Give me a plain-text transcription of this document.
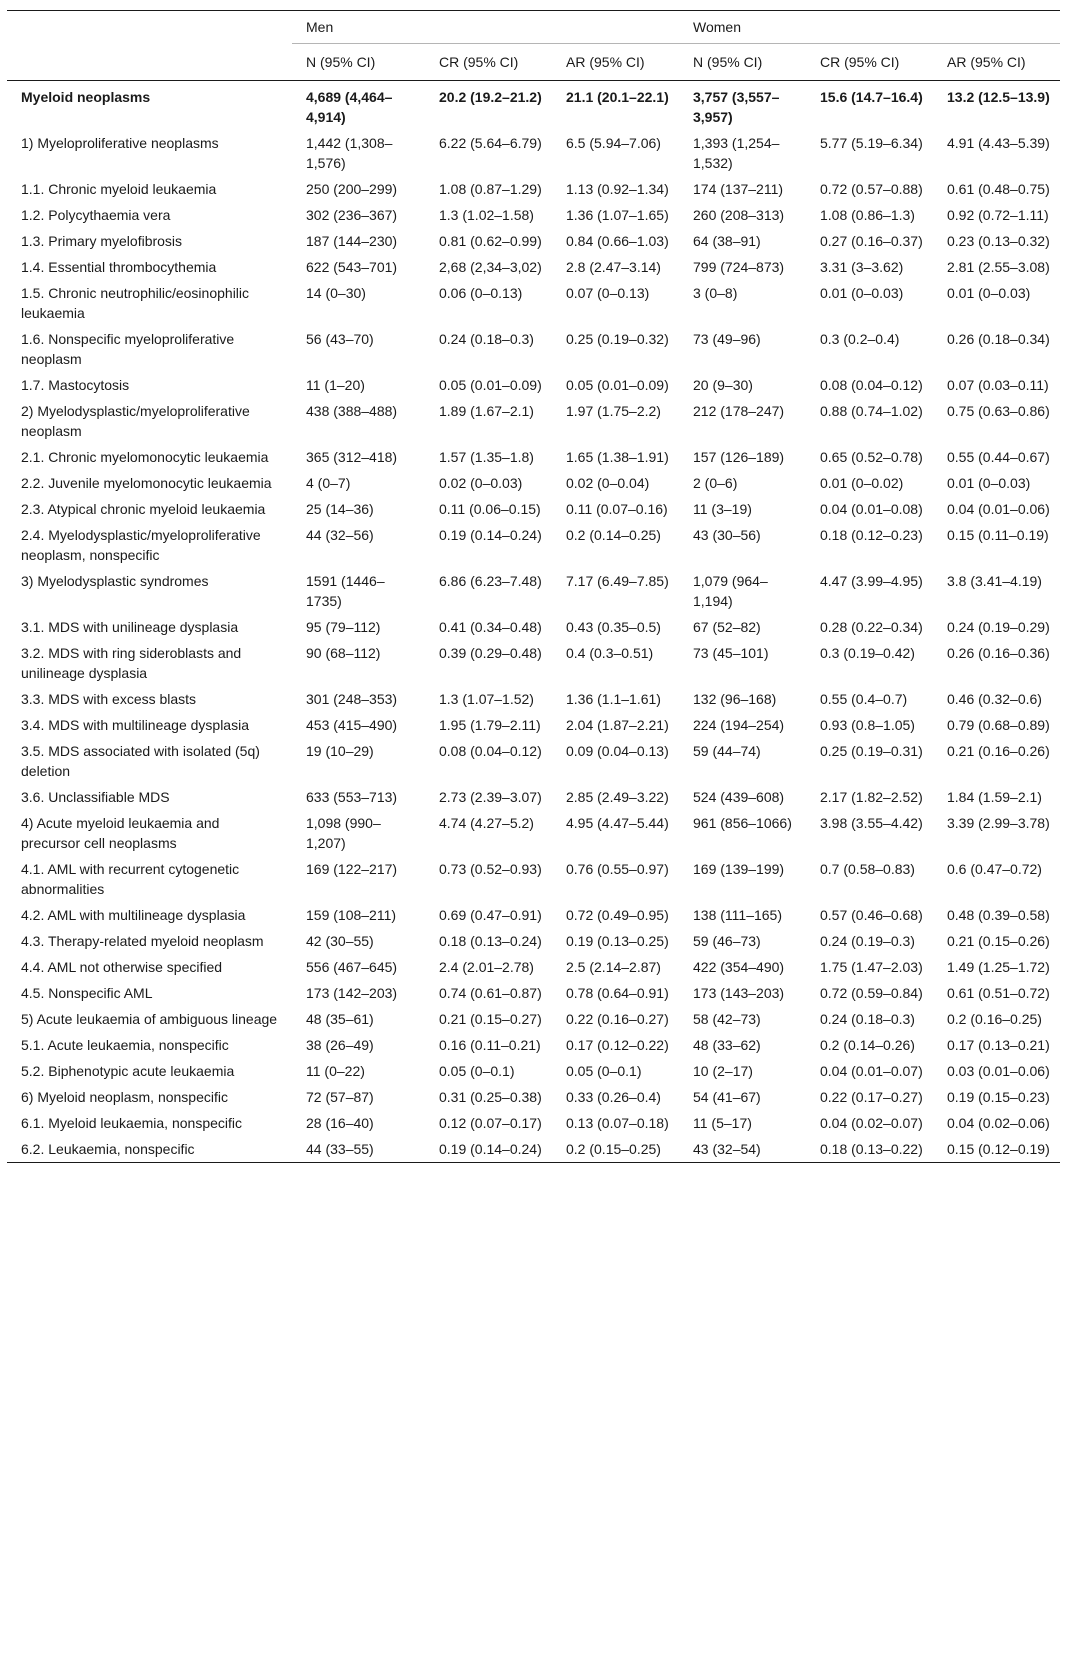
	Men			Women		
	N (95% CI)	CR (95% CI)	AR (95% CI)	N (95% CI)	CR (95% CI)	AR (95% CI)
Myeloid neoplasms	4,689 (4,464–4,914)	20.2 (19.2–21.2)	21.1 (20.1–22.1)	3,757 (3,557–3,957)	15.6 (14.7–16.4)	13.2 (12.5–13.9)
1) Myeloproliferative neoplasms	1,442 (1,308–1,576)	6.22 (5.64–6.79)	6.5 (5.94–7.06)	1,393 (1,254–1,532)	5.77 (5.19–6.34)	4.91 (4.43–5.39)
1.1. Chronic myeloid leukaemia	250 (200–299)	1.08 (0.87–1.29)	1.13 (0.92–1.34)	174 (137–211)	0.72 (0.57–0.88)	0.61 (0.48–0.75)
1.2. Polycythaemia vera	302 (236–367)	1.3 (1.02–1.58)	1.36 (1.07–1.65)	260 (208–313)	1.08 (0.86–1.3)	0.92 (0.72–1.11)
1.3. Primary myelofibrosis	187 (144–230)	0.81 (0.62–0.99)	0.84 (0.66–1.03)	64 (38–91)	0.27 (0.16–0.37)	0.23 (0.13–0.32)
1.4. Essential thrombocythemia	622 (543–701)	2,68 (2,34–3,02)	2.8 (2.47–3.14)	799 (724–873)	3.31 (3–3.62)	2.81 (2.55–3.08)
1.5. Chronic neutrophilic/eosinophilic leukaemia	14 (0–30)	0.06 (0–0.13)	0.07 (0–0.13)	3 (0–8)	0.01 (0–0.03)	0.01 (0–0.03)
1.6. Nonspecific myeloproliferative neoplasm	56 (43–70)	0.24 (0.18–0.3)	0.25 (0.19–0.32)	73 (49–96)	0.3 (0.2–0.4)	0.26 (0.18–0.34)
1.7. Mastocytosis	11 (1–20)	0.05 (0.01–0.09)	0.05 (0.01–0.09)	20 (9–30)	0.08 (0.04–0.12)	0.07 (0.03–0.11)
2) Myelodysplastic/myeloproliferative neoplasm	438 (388–488)	1.89 (1.67–2.1)	1.97 (1.75–2.2)	212 (178–247)	0.88 (0.74–1.02)	0.75 (0.63–0.86)
2.1. Chronic myelomonocytic leukaemia	365 (312–418)	1.57 (1.35–1.8)	1.65 (1.38–1.91)	157 (126–189)	0.65 (0.52–0.78)	0.55 (0.44–0.67)
2.2. Juvenile myelomonocytic leukaemia	4 (0–7)	0.02 (0–0.03)	0.02 (0–0.04)	2 (0–6)	0.01 (0–0.02)	0.01 (0–0.03)
2.3. Atypical chronic myeloid leukaemia	25 (14–36)	0.11 (0.06–0.15)	0.11 (0.07–0.16)	11 (3–19)	0.04 (0.01–0.08)	0.04 (0.01–0.06)
2.4. Myelodysplastic/myeloproliferative neoplasm, nonspecific	44 (32–56)	0.19 (0.14–0.24)	0.2 (0.14–0.25)	43 (30–56)	0.18 (0.12–0.23)	0.15 (0.11–0.19)
3) Myelodysplastic syndromes	1591 (1446–1735)	6.86 (6.23–7.48)	7.17 (6.49–7.85)	1,079 (964–1,194)	4.47 (3.99–4.95)	3.8 (3.41–4.19)
3.1. MDS with unilineage dysplasia	95 (79–112)	0.41 (0.34–0.48)	0.43 (0.35–0.5)	67 (52–82)	0.28 (0.22–0.34)	0.24 (0.19–0.29)
3.2. MDS with ring sideroblasts and unilineage dysplasia	90 (68–112)	0.39 (0.29–0.48)	0.4 (0.3–0.51)	73 (45–101)	0.3 (0.19–0.42)	0.26 (0.16–0.36)
3.3. MDS with excess blasts	301 (248–353)	1.3 (1.07–1.52)	1.36 (1.1–1.61)	132 (96–168)	0.55 (0.4–0.7)	0.46 (0.32–0.6)
3.4. MDS with multilineage dysplasia	453 (415–490)	1.95 (1.79–2.11)	2.04 (1.87–2.21)	224 (194–254)	0.93 (0.8–1.05)	0.79 (0.68–0.89)
3.5. MDS associated with isolated (5q) deletion	19 (10–29)	0.08 (0.04–0.12)	0.09 (0.04–0.13)	59 (44–74)	0.25 (0.19–0.31)	0.21 (0.16–0.26)
3.6. Unclassifiable MDS	633 (553–713)	2.73 (2.39–3.07)	2.85 (2.49–3.22)	524 (439–608)	2.17 (1.82–2.52)	1.84 (1.59–2.1)
4) Acute myeloid leukaemia and precursor cell neoplasms	1,098 (990–1,207)	4.74 (4.27–5.2)	4.95 (4.47–5.44)	961 (856–1066)	3.98 (3.55–4.42)	3.39 (2.99–3.78)
4.1. AML with recurrent cytogenetic abnormalities	169 (122–217)	0.73 (0.52–0.93)	0.76 (0.55–0.97)	169 (139–199)	0.7 (0.58–0.83)	0.6 (0.47–0.72)
4.2. AML with multilineage dysplasia	159 (108–211)	0.69 (0.47–0.91)	0.72 (0.49–0.95)	138 (111–165)	0.57 (0.46–0.68)	0.48 (0.39–0.58)
4.3. Therapy-related myeloid neoplasm	42 (30–55)	0.18 (0.13–0.24)	0.19 (0.13–0.25)	59 (46–73)	0.24 (0.19–0.3)	0.21 (0.15–0.26)
4.4. AML not otherwise specified	556 (467–645)	2.4 (2.01–2.78)	2.5 (2.14–2.87)	422 (354–490)	1.75 (1.47–2.03)	1.49 (1.25–1.72)
4.5. Nonspecific AML	173 (142–203)	0.74 (0.61–0.87)	0.78 (0.64–0.91)	173 (143–203)	0.72 (0.59–0.84)	0.61 (0.51–0.72)
5) Acute leukaemia of ambiguous lineage	48 (35–61)	0.21 (0.15–0.27)	0.22 (0.16–0.27)	58 (42–73)	0.24 (0.18–0.3)	0.2 (0.16–0.25)
5.1. Acute leukaemia, nonspecific	38 (26–49)	0.16 (0.11–0.21)	0.17 (0.12–0.22)	48 (33–62)	0.2 (0.14–0.26)	0.17 (0.13–0.21)
5.2. Biphenotypic acute leukaemia	11 (0–22)	0.05 (0–0.1)	0.05 (0–0.1)	10 (2–17)	0.04 (0.01–0.07)	0.03 (0.01–0.06)
6) Myeloid neoplasm, nonspecific	72 (57–87)	0.31 (0.25–0.38)	0.33 (0.26–0.4)	54 (41–67)	0.22 (0.17–0.27)	0.19 (0.15–0.23)
6.1. Myeloid leukaemia, nonspecific	28 (16–40)	0.12 (0.07–0.17)	0.13 (0.07–0.18)	11 (5–17)	0.04 (0.02–0.07)	0.04 (0.02–0.06)
6.2. Leukaemia, nonspecific	44 (33–55)	0.19 (0.14–0.24)	0.2 (0.15–0.25)	43 (32–54)	0.18 (0.13–0.22)	0.15 (0.12–0.19)
